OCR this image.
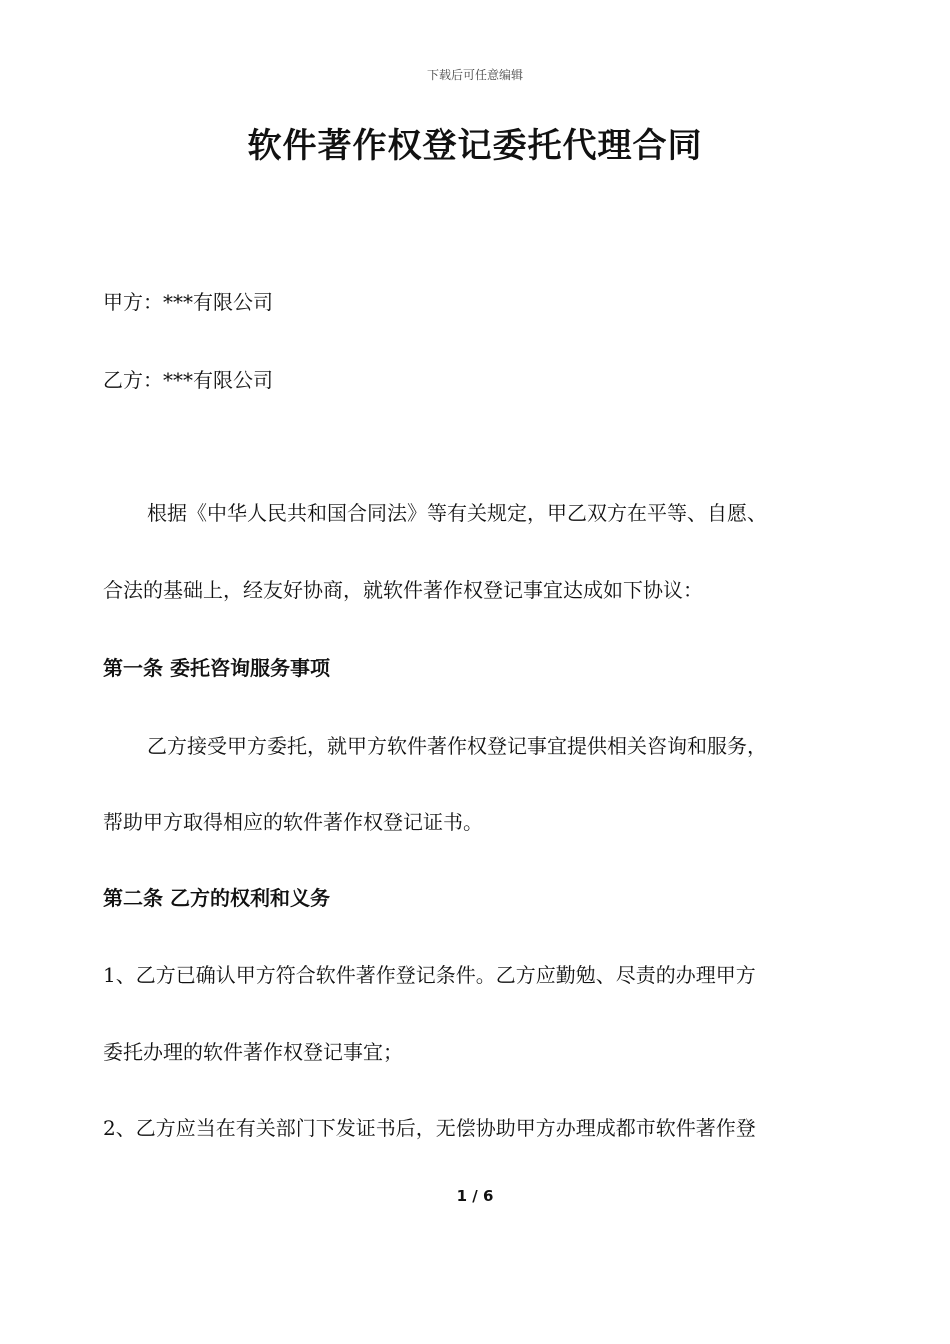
下载后可任意编辑
软件著作权登记委托代理合同
甲方：***有限公司
乙方：***有限公司
根据《中华人民共和国合同法》等有关规定，甲乙双方在平等、自愿、
合法的基础上，经友好协商，就软件著作权登记事宜达成如下协议：
第一条 委托咨询服务事项
乙方接受甲方委托，就甲方软件著作权登记事宜提供相关咨询和服务，
帮助甲方取得相应的软件著作权登记证书。
第二条 乙方的权利和义务
1、乙方已确认甲方符合软件著作登记条件。乙方应勤勉、尽责的办理甲方
委托办理的软件著作权登记事宜；
2、乙方应当在有关部门下发证书后，无偿协助甲方办理成都市软件著作登
1 / 6
